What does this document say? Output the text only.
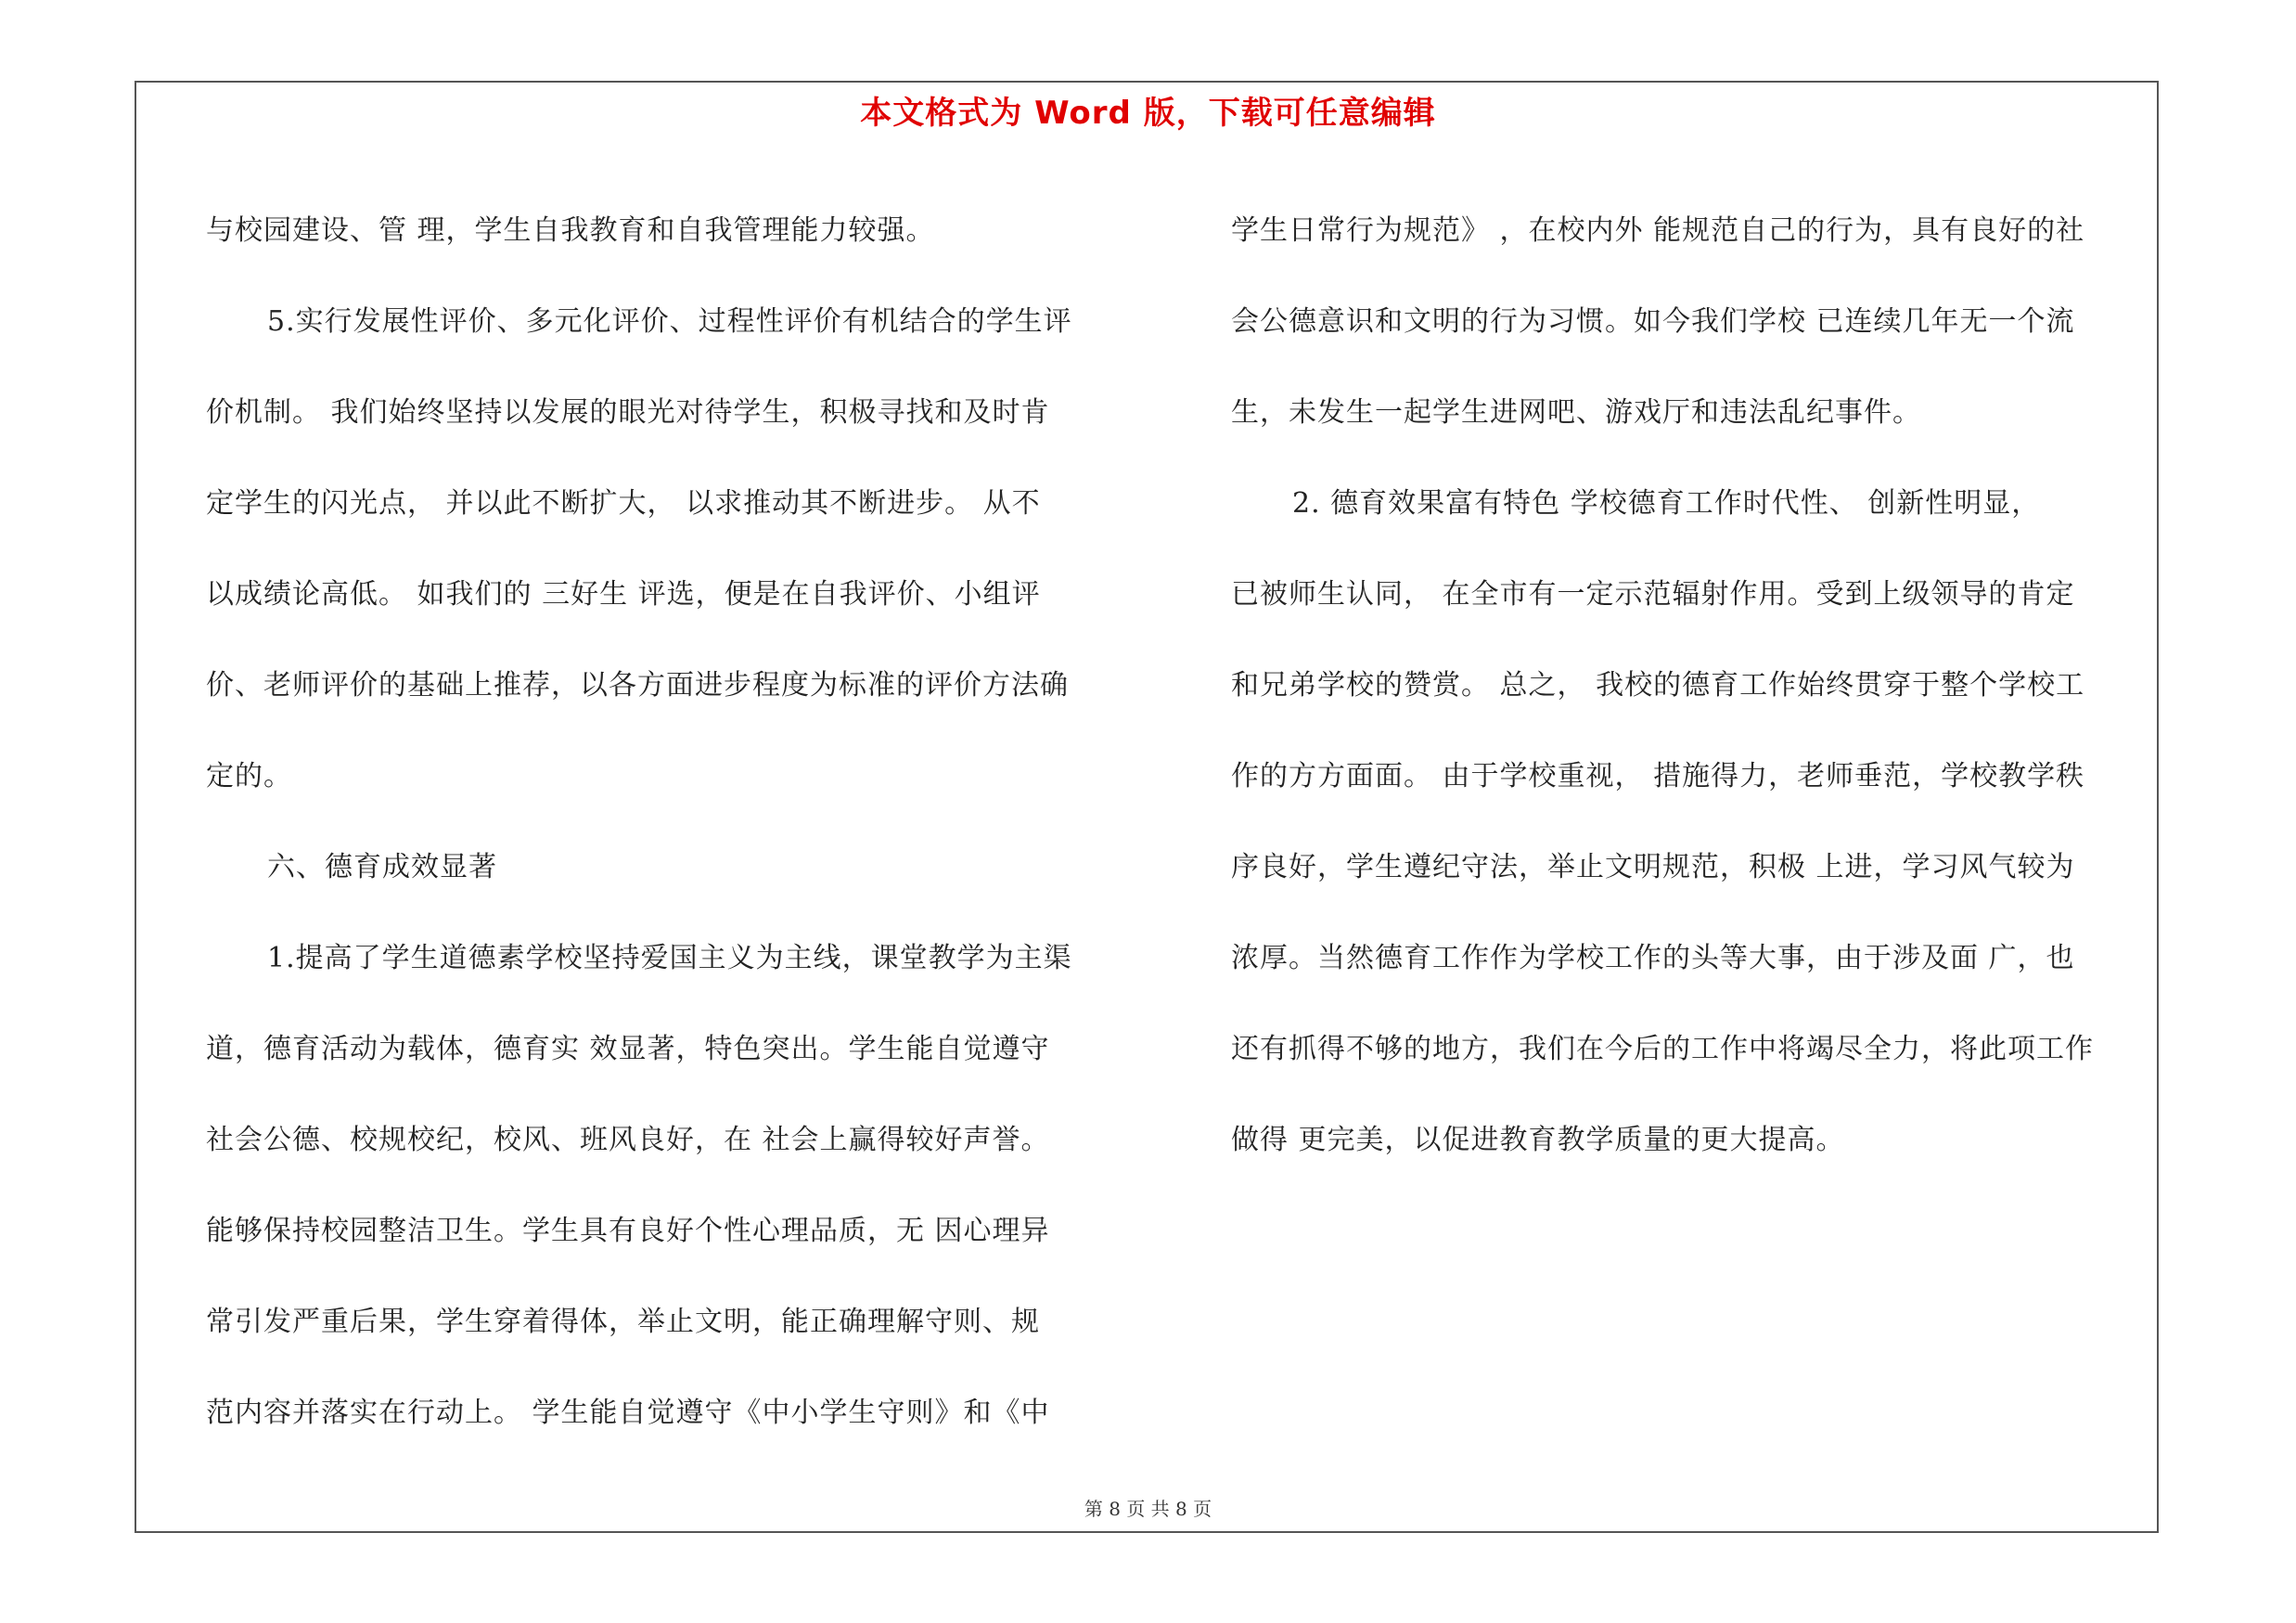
本文格式为 Word 版，下载可任意编辑
与校园建设、管 理，学生自我教育和自我管理能力较强。
5.实行发展性评价、多元化评价、过程性评价有机结合的学生评
价机制。 我们始终坚持以发展的眼光对待学生，积极寻找和及时肯
定学生的闪光点， 并以此不断扩大， 以求推动其不断进步。 从不
以成绩论高低。 如我们的 三好生 评选，便是在自我评价、小组评
价、老师评价的基础上推荐，以各方面进步程度为标准的评价方法确
定的。
六、德育成效显著
1.提高了学生道德素学校坚持爱国主义为主线，课堂教学为主渠
道，德育活动为载体，德育实 效显著，特色突出。学生能自觉遵守
社会公德、校规校纪，校风、班风良好，在 社会上赢得较好声誉。
能够保持校园整洁卫生。学生具有良好个性心理品质，无 因心理异
常引发严重后果，学生穿着得体，举止文明，能正确理解守则、规
范内容并落实在行动上。 学生能自觉遵守《中小学生守则》和《中
学生日常行为规范》 ，在校内外 能规范自己的行为，具有良好的社
会公德意识和文明的行为习惯。如今我们学校 已连续几年无一个流
生，未发生一起学生进网吧、游戏厅和违法乱纪事件。
2. 德育效果富有特色 学校德育工作时代性、 创新性明显，
已被师生认同， 在全市有一定示范辐射作用。受到上级领导的肯定
和兄弟学校的赞赏。 总之， 我校的德育工作始终贯穿于整个学校工
作的方方面面。 由于学校重视， 措施得力，老师垂范，学校教学秩
序良好，学生遵纪守法，举止文明规范，积极 上进，学习风气较为
浓厚。当然德育工作作为学校工作的头等大事，由于涉及面 广，也
还有抓得不够的地方，我们在今后的工作中将竭尽全力，将此项工作
做得 更完美，以促进教育教学质量的更大提高。
第 8 页 共 8 页
